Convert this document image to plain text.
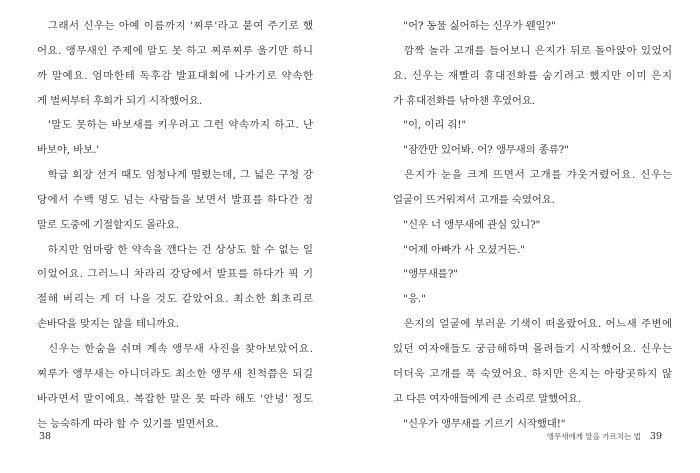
　그래서 신우는 아예 이름까지 '찌루'라고 붙여 주기로 했
어요. 앵무새인 주제에 말도 못 하고 찌루찌루 울기만 하니
까 말예요. 엄마한테 독후감 발표대회에 나가기로 약속한
게 벌써부터 후회가 되기 시작했어요.
　'말도 못하는 바보새를 키우려고 그런 약속까지 하고. 난
바보야, 바보.'
　학급 회장 선거 때도 엄청나게 떨렸는데, 그 넓은 구청 강
당에서 수백 명도 넘는 사람들을 보면서 발표를 하다간 정
말로 도중에 기절할지도 몰라요.
　하지만 엄마랑 한 약속을 깬다는 건 상상도 할 수 없는 일
이었어요. 그러느니 차라리 강당에서 발표를 하다가 픽 기
절해 버리는 게 더 나을 것도 같았어요. 최소한 회초리로
손바닥을 맞지는 않을 테니까요.
　신우는 한숨을 쉬며 계속 앵무새 사진을 찾아보았어요.
찌루가 앵무새는 아니더라도 최소한 앵무새 친척쯤은 되길
바라면서 말이에요. 복잡한 말은 못 따라 해도 '안녕' 정도
는 능숙하게 따라 할 수 있기를 빌면서요.
　"어? 동물 싫어하는 신우가 웬일?"
　깜짝 놀라 고개를 들어보니 은지가 뒤로 돌아앉아 있었어
요. 신우는 재빨리 휴대전화를 숨기려고 했지만 이미 은지
가 휴대전화를 낚아챈 후였어요.
　"이, 이리 줘!"
　"잠깐만 있어봐. 어? 앵무새의 종류?"
　은지가 눈을 크게 뜨면서 고개를 갸웃거렸어요. 신우는
얼굴이 뜨거워져서 고개를 숙였어요.
　"신우 너 앵무새에 관심 있니?"
　"어제 아빠가 사 오셨거든."
　"앵무새를?"
　"응."
　은지의 얼굴에 부러운 기색이 떠올랐어요. 어느새 주변에
있던 여자애들도 궁금해하며 몰려들기 시작했어요. 신우는
더더욱 고개를 푹 숙였어요. 하지만 은지는 아랑곳하지 않
고 다른 여자애들에게 큰 소리로 말했어요.
　"신우가 앵무새를 기르기 시작했대!"
38	앵무새에게 말을 가르치는 법 39
